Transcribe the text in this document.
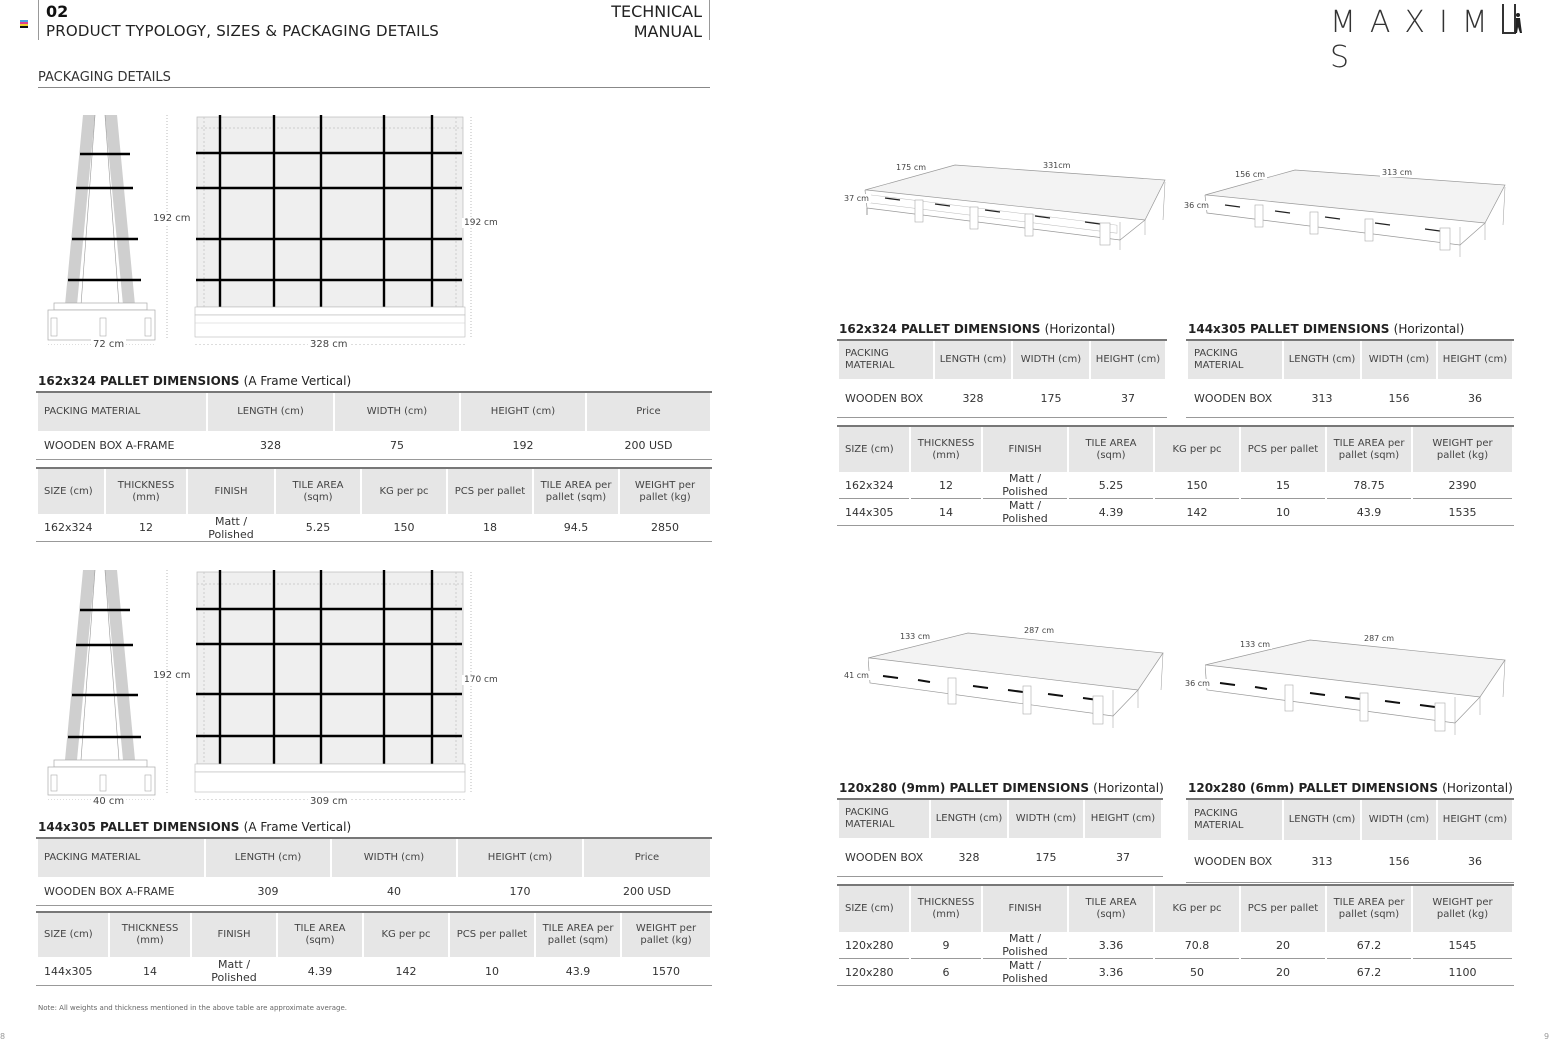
02
PRODUCT TYPOLOGY, SIZES & PACKAGING DETAILS
TECHNICAL
MANUAL
PACKAGING DETAILS
MAXIM
S
192 cm
72 cm
192 cm
328 cm
162x324 PALLET DIMENSIONS (A Frame Vertical)
PACKING MATERIAL	LENGTH (cm)	WIDTH (cm)	HEIGHT (cm)	Price
WOODEN BOX A-FRAME	328	75	192	200 USD
SIZE (cm)	THICKNESS (mm)	FINISH	TILE AREA (sqm)	KG per pc	PCS per pallet	TILE AREA per pallet (sqm)	WEIGHT per pallet (kg)
162x324	12	Matt / Polished	5.25	150	18	94.5	2850
192 cm
40 cm
170 cm
309 cm
144x305 PALLET DIMENSIONS (A Frame Vertical)
PACKING MATERIAL	LENGTH (cm)	WIDTH (cm)	HEIGHT (cm)	Price
WOODEN BOX A-FRAME	309	40	170	200 USD
SIZE (cm)	THICKNESS (mm)	FINISH	TILE AREA (sqm)	KG per pc	PCS per pallet	TILE AREA per pallet (sqm)	WEIGHT per pallet (kg)
144x305	14	Matt / Polished	4.39	142	10	43.9	1570
Note: All weights and thickness mentioned in the above table are approximate average.
8	9
175 cm	331cm
37 cm
156 cm	313 cm
36 cm
133 cm
287 cm
41 cm
133 cm
287 cm
36 cm
162x324 PALLET DIMENSIONS (Horizontal)
PACKING MATERIAL	LENGTH (cm)	WIDTH (cm)	HEIGHT (cm)
WOODEN BOX	328	175	37
144x305 PALLET DIMENSIONS (Horizontal)
PACKING MATERIAL	LENGTH (cm)	WIDTH (cm)	HEIGHT (cm)
WOODEN BOX	313	156	36
SIZE (cm)	THICKNESS (mm)	FINISH	TILE AREA (sqm)	KG per pc	PCS per pallet	TILE AREA per pallet (sqm)	WEIGHT per pallet (kg)
162x324	12	Matt / Polished	5.25	150	15	78.75	2390
144x305	14	Matt / Polished	4.39	142	10	43.9	1535
120x280 (9mm) PALLET DIMENSIONS (Horizontal)
PACKING MATERIAL	LENGTH (cm)	WIDTH (cm)	HEIGHT (cm)
WOODEN BOX	328	175	37
120x280 (6mm) PALLET DIMENSIONS (Horizontal)
PACKING MATERIAL	LENGTH (cm)	WIDTH (cm)	HEIGHT (cm)
WOODEN BOX	313	156	36
SIZE (cm)	THICKNESS (mm)	FINISH	TILE AREA (sqm)	KG per pc	PCS per pallet	TILE AREA per pallet (sqm)	WEIGHT per pallet (kg)
120x280	9	Matt / Polished	3.36	70.8	20	67.2	1545
120x280	6	Matt / Polished	3.36	50	20	67.2	1100
